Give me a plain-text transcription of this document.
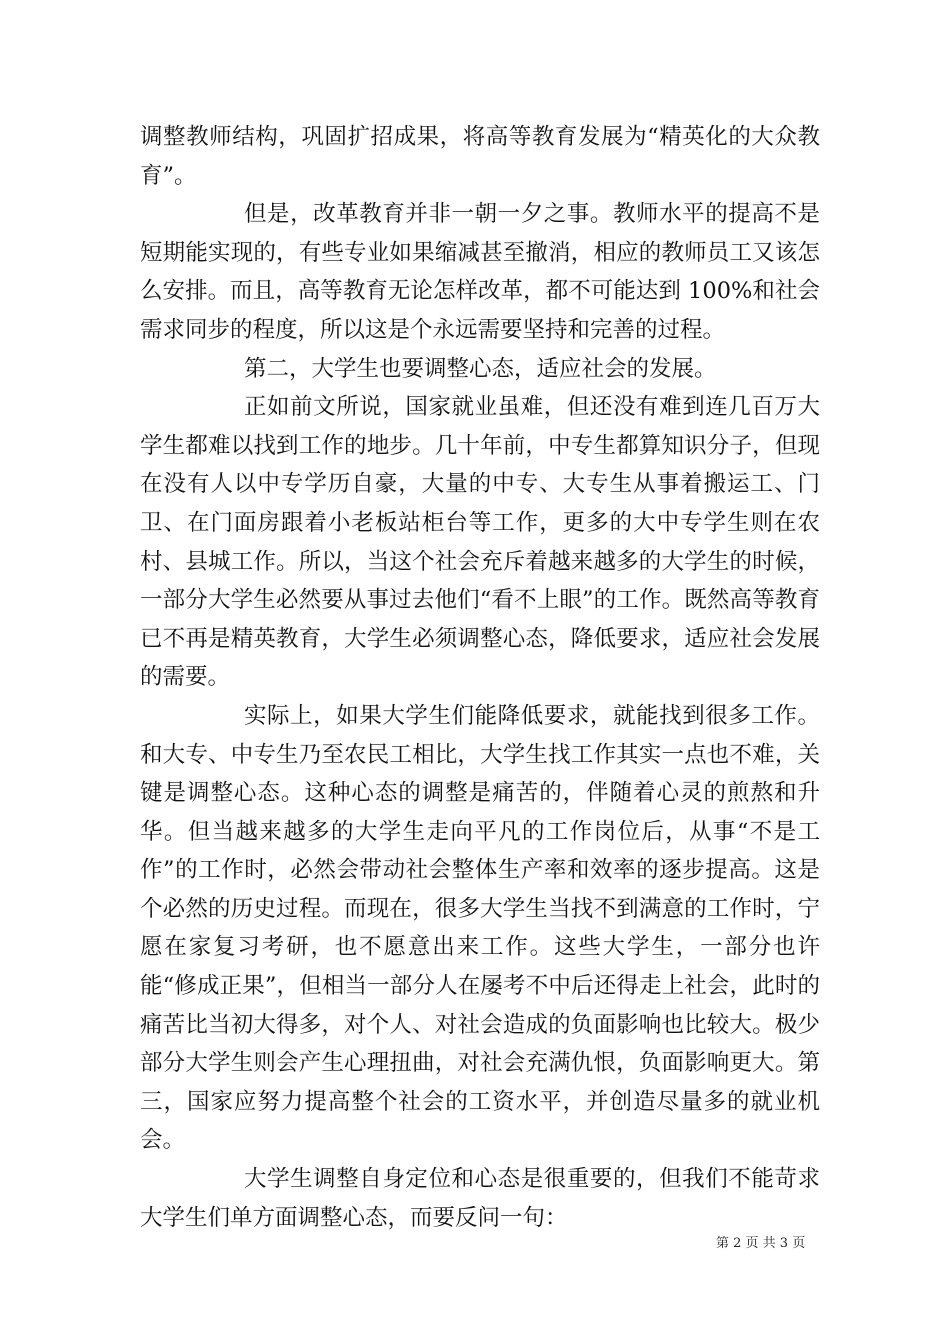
调整教师结构，巩固扩招成果，将高等教育发展为“精英化的大众教育”。

但是，改革教育并非一朝一夕之事。教师水平的提高不是短期能实现的，有些专业如果缩减甚至撤消，相应的教师员工又该怎么安排。而且，高等教育无论怎样改革，都不可能达到 100%和社会需求同步的程度，所以这是个永远需要坚持和完善的过程。

第二，大学生也要调整心态，适应社会的发展。

正如前文所说，国家就业虽难，但还没有难到连几百万大学生都难以找到工作的地步。几十年前，中专生都算知识分子，但现在没有人以中专学历自豪，大量的中专、大专生从事着搬运工、门卫、在门面房跟着小老板站柜台等工作，更多的大中专学生则在农村、县城工作。所以，当这个社会充斥着越来越多的大学生的时候，一部分大学生必然要从事过去他们“看不上眼”的工作。既然高等教育已不再是精英教育，大学生必须调整心态，降低要求，适应社会发展的需要。

实际上，如果大学生们能降低要求，就能找到很多工作。和大专、中专生乃至农民工相比，大学生找工作其实一点也不难，关键是调整心态。这种心态的调整是痛苦的，伴随着心灵的煎熬和升华。但当越来越多的大学生走向平凡的工作岗位后，从事“不是工作”的工作时，必然会带动社会整体生产率和效率的逐步提高。这是个必然的历史过程。而现在，很多大学生当找不到满意的工作时，宁愿在家复习考研，也不愿意出来工作。这些大学生，一部分也许能“修成正果”，但相当一部分人在屡考不中后还得走上社会，此时的痛苦比当初大得多，对个人、对社会造成的负面影响也比较大。极少部分大学生则会产生心理扭曲，对社会充满仇恨，负面影响更大。第三，国家应努力提高整个社会的工资水平，并创造尽量多的就业机会。

大学生调整自身定位和心态是很重要的，但我们不能苛求大学生们单方面调整心态，而要反问一句：

第 2 页 共 3 页
